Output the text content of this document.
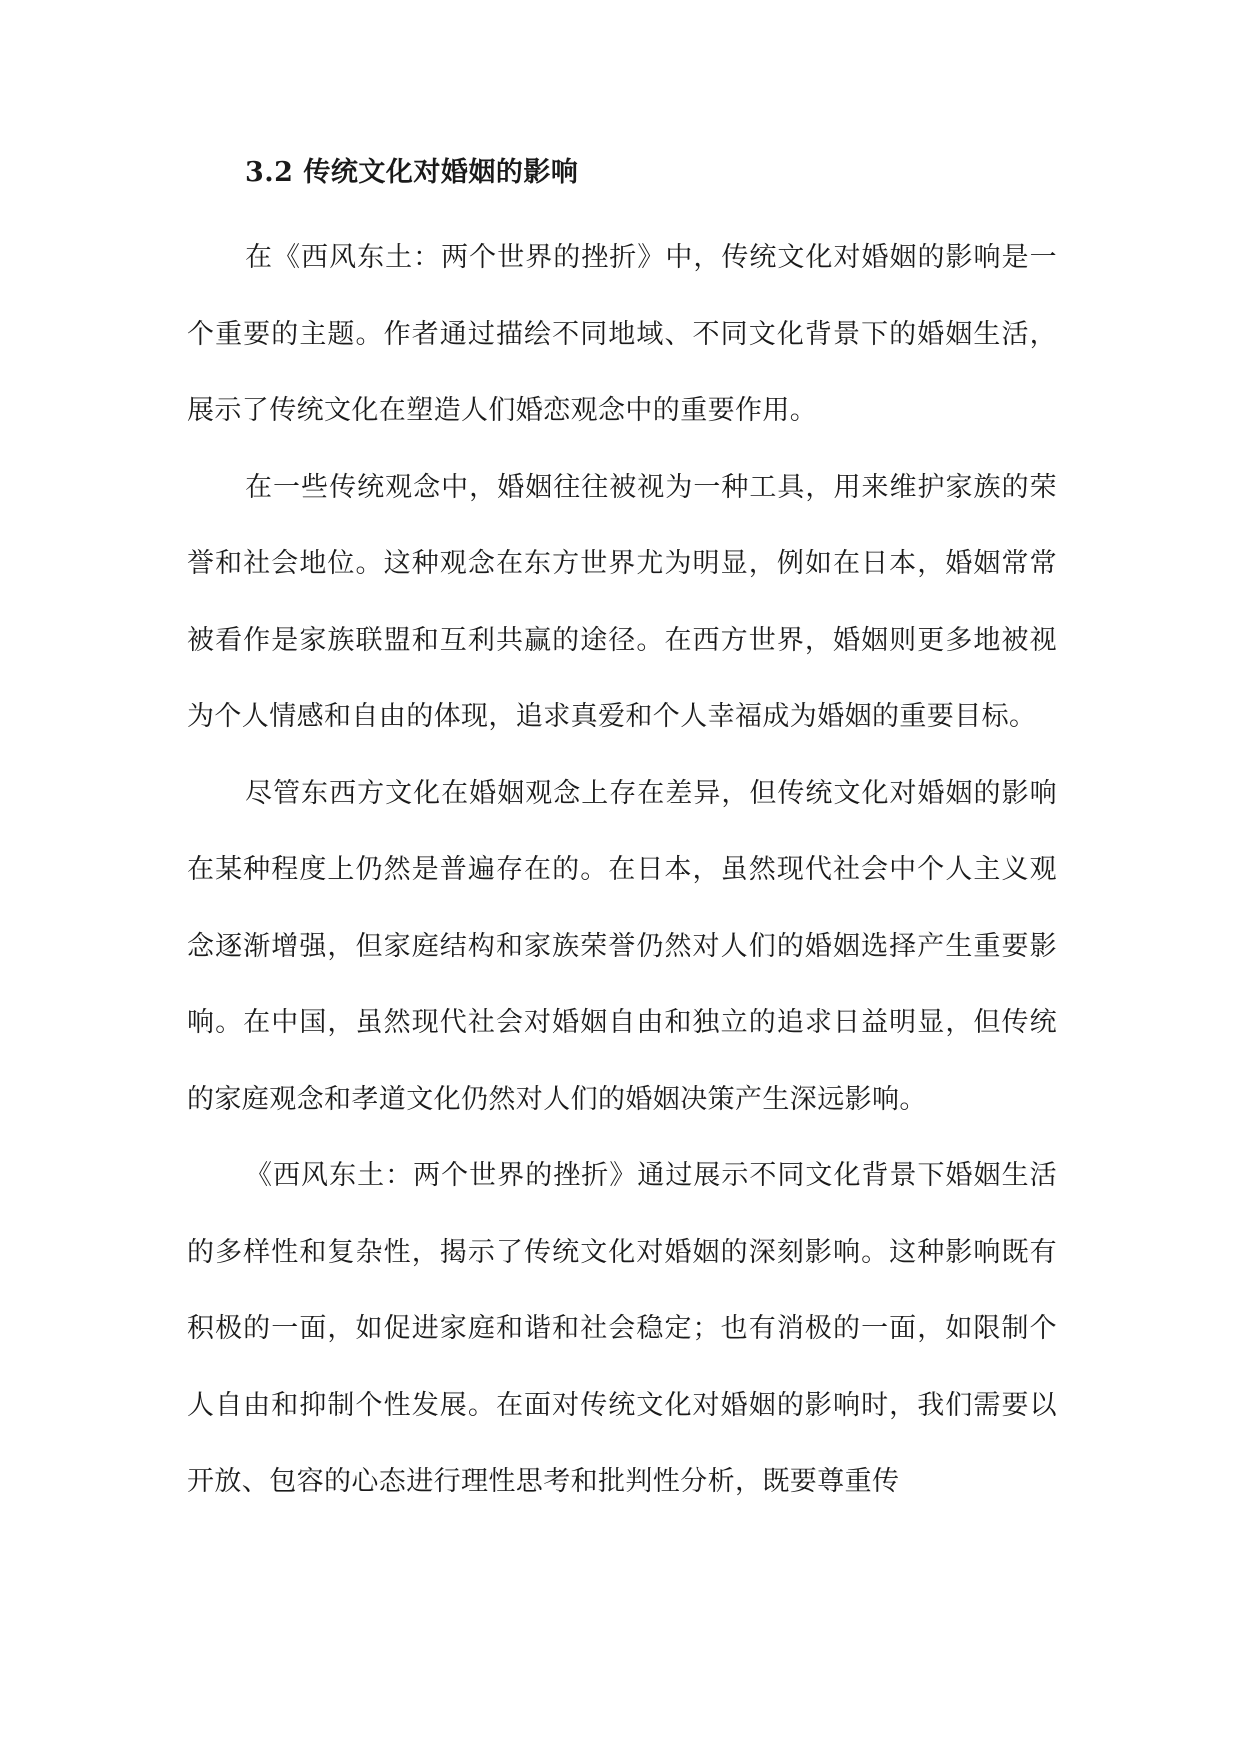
3.2 传统文化对婚姻的影响

在《西风东土：两个世界的挫折》中，传统文化对婚姻的影响是一个重要的主题。作者通过描绘不同地域、不同文化背景下的婚姻生活，展示了传统文化在塑造人们婚恋观念中的重要作用。

在一些传统观念中，婚姻往往被视为一种工具，用来维护家族的荣誉和社会地位。这种观念在东方世界尤为明显，例如在日本，婚姻常常被看作是家族联盟和互利共赢的途径。在西方世界，婚姻则更多地被视为个人情感和自由的体现，追求真爱和个人幸福成为婚姻的重要目标。

尽管东西方文化在婚姻观念上存在差异，但传统文化对婚姻的影响在某种程度上仍然是普遍存在的。在日本，虽然现代社会中个人主义观念逐渐增强，但家庭结构和家族荣誉仍然对人们的婚姻选择产生重要影响。在中国，虽然现代社会对婚姻自由和独立的追求日益明显，但传统的家庭观念和孝道文化仍然对人们的婚姻决策产生深远影响。

《西风东土：两个世界的挫折》通过展示不同文化背景下婚姻生活的多样性和复杂性，揭示了传统文化对婚姻的深刻影响。这种影响既有积极的一面，如促进家庭和谐和社会稳定；也有消极的一面，如限制个人自由和抑制个性发展。在面对传统文化对婚姻的影响时，我们需要以开放、包容的心态进行理性思考和批判性分析，既要尊重传
